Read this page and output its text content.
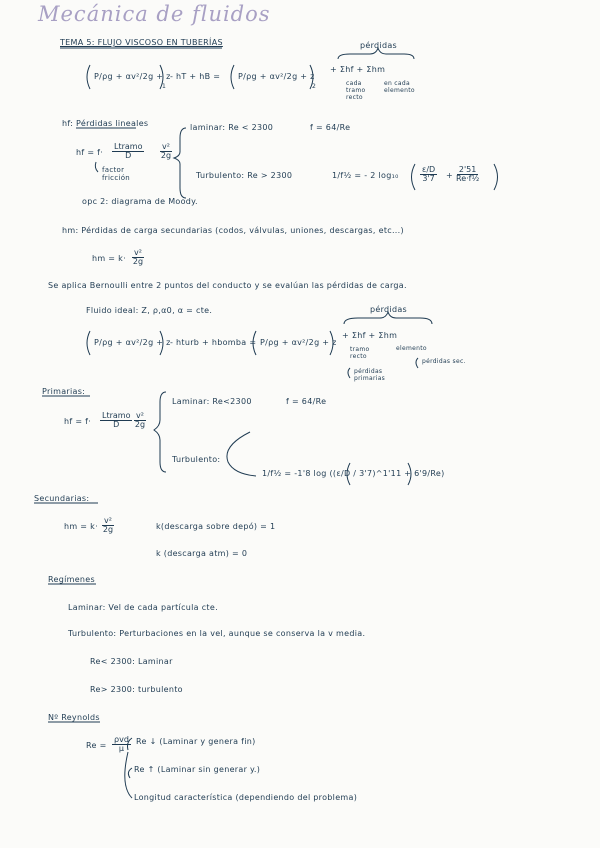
Mecánica de fluidos
TEMA 5: FLUJO VISCOSO EN TUBERÍAS	pérdidas
P/ρg + αv²/2g + z
1
- hT + hB = P/ρg + αv²/2g + z
2
+ Σhf + Σhm
cada tramo recto
en cada elemento
hf: Pérdidas lineales
hf = f·
Ltramo
D	$\frac{\text{v²}}{2g}$
factor fricción
laminar: Re < 2300	f = 64/Re
Turbulento: Re > 2300	1/f½ = - 2 log₁₀	$\frac{\varepsilon/D}{3'7} + \frac{2'51}{\text{Re·f½}}$
opc 2: diagrama de Moody.
hm: Pérdidas de carga secundarias (codos, válvulas, uniones, descargas, etc...)
hm = $k\cdot \frac{\text{v²}}{2g}$
Se aplica Bernoulli entre 2 puntos del conducto y se evalúan las pérdidas de carga.
Fluido ideal: Z, ρ,α0, α = cte.	pérdidas
P/ρg + αv²/2g + z - hturb + hbomba = P/ρg + αv²/2g + z
+ Σhf + Σhm
tramo recto
elemento
pérdidas primarias
pérdidas sec.
Primarias:
hf = f·
Ltramo
D $\frac{\text{v²}}{2g}$
Laminar: Re<2300	f = 64/Re
Turbulento:
1/f½ = -1'8 log ((ε/D / 3'7)^1'11 + 6'9/Re)
Secundarias:
hm = $k\cdot \frac{\text{v²}}{2g}$	k(descarga sobre depó) = 1
k (descarga atm) = 0
Regímenes
Laminar: Vel de cada partícula cte.
Turbulento: Perturbaciones en la vel, aunque se conserva la v media.
Re< 2300: Laminar
Re> 2300: turbulento
Nº Reynolds
Re =
ρvd
μ
Re ↓ (Laminar y genera fin)
Re ↑ (Laminar sin generar y.)
Longitud característica (dependiendo del problema)
